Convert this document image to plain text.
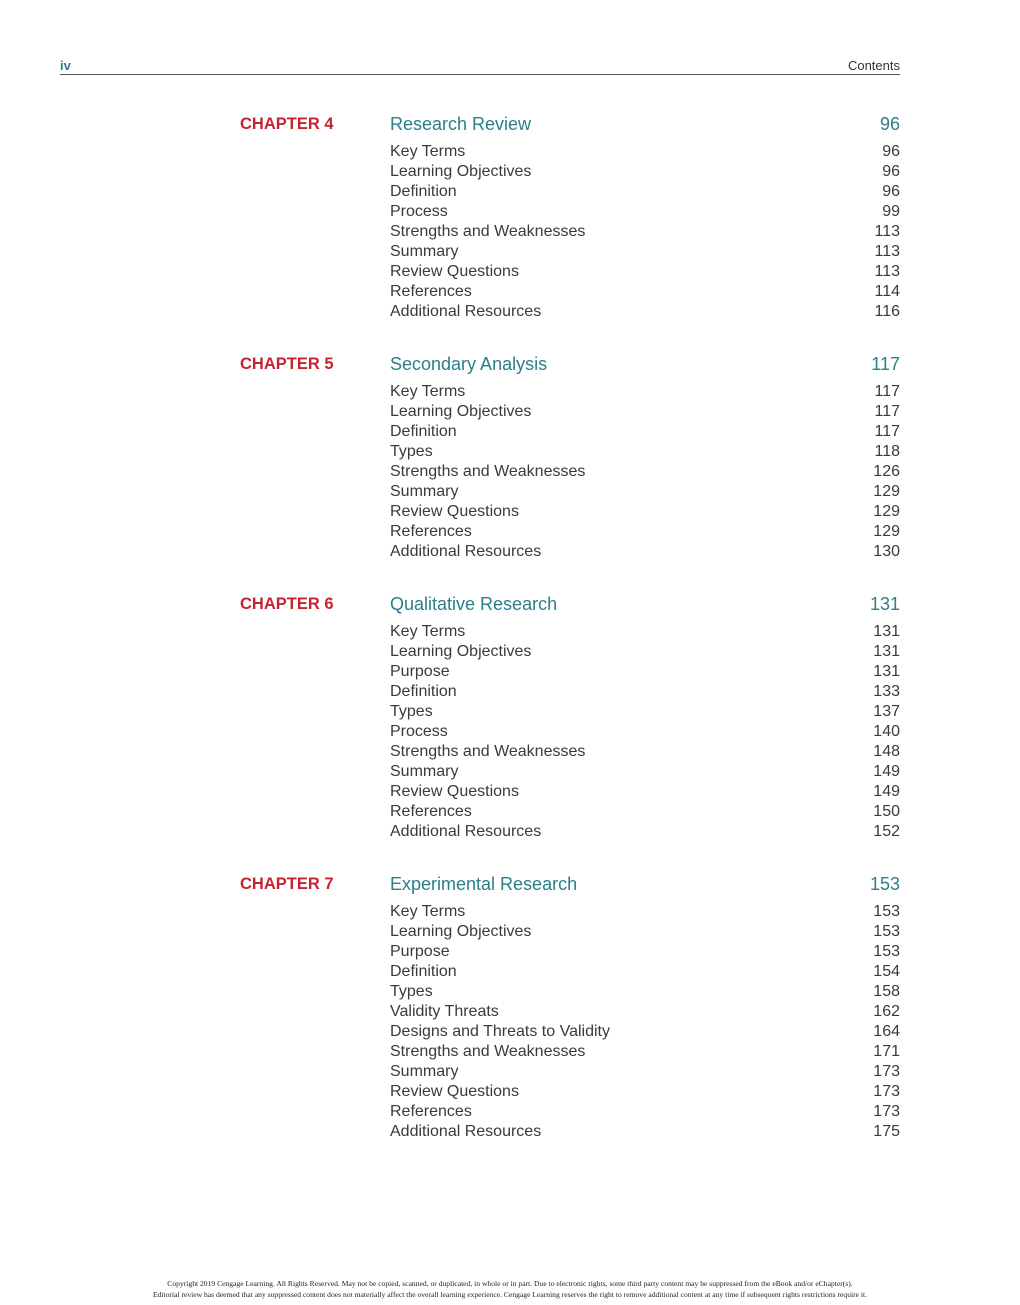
iv	Contents
CHAPTER 4	Research Review	96
Key Terms	96
Learning Objectives	96
Definition	96
Process	99
Strengths and Weaknesses	113
Summary	113
Review Questions	113
References	114
Additional Resources	116
CHAPTER 5	Secondary Analysis	117
Key Terms	117
Learning Objectives	117
Definition	117
Types	118
Strengths and Weaknesses	126
Summary	129
Review Questions	129
References	129
Additional Resources	130
CHAPTER 6	Qualitative Research	131
Key Terms	131
Learning Objectives	131
Purpose	131
Definition	133
Types	137
Process	140
Strengths and Weaknesses	148
Summary	149
Review Questions	149
References	150
Additional Resources	152
CHAPTER 7	Experimental Research	153
Key Terms	153
Learning Objectives	153
Purpose	153
Definition	154
Types	158
Validity Threats	162
Designs and Threats to Validity	164
Strengths and Weaknesses	171
Summary	173
Review Questions	173
References	173
Additional Resources	175
Copyright 2019 Cengage Learning. All Rights Reserved. May not be copied, scanned, or duplicated, in whole or in part. Due to electronic rights, some third party content may be suppressed from the eBook and/or eChapter(s).
Editorial review has deemed that any suppressed content does not materially affect the overall learning experience. Cengage Learning reserves the right to remove additional content at any time if subsequent rights restrictions require it.
